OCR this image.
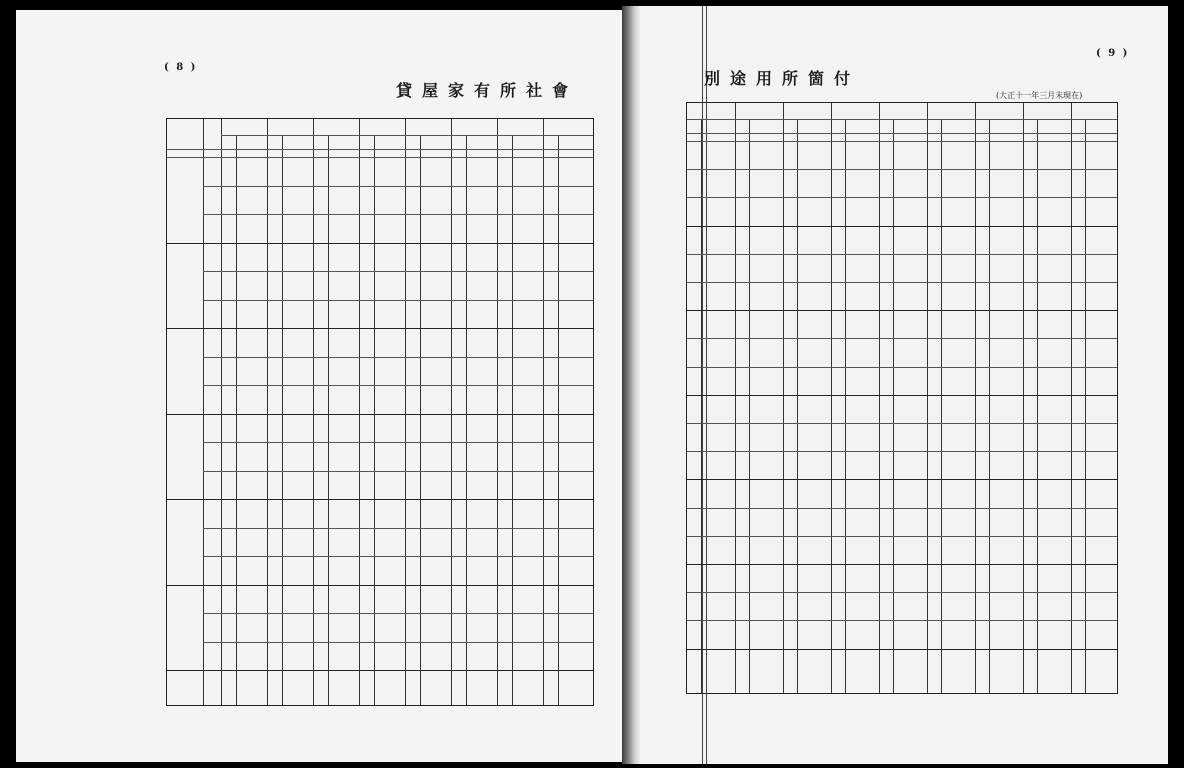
( 8 )
貸屋家有所社會
( 9 )
別途用所箇付
(大正十一年三月末現在)
